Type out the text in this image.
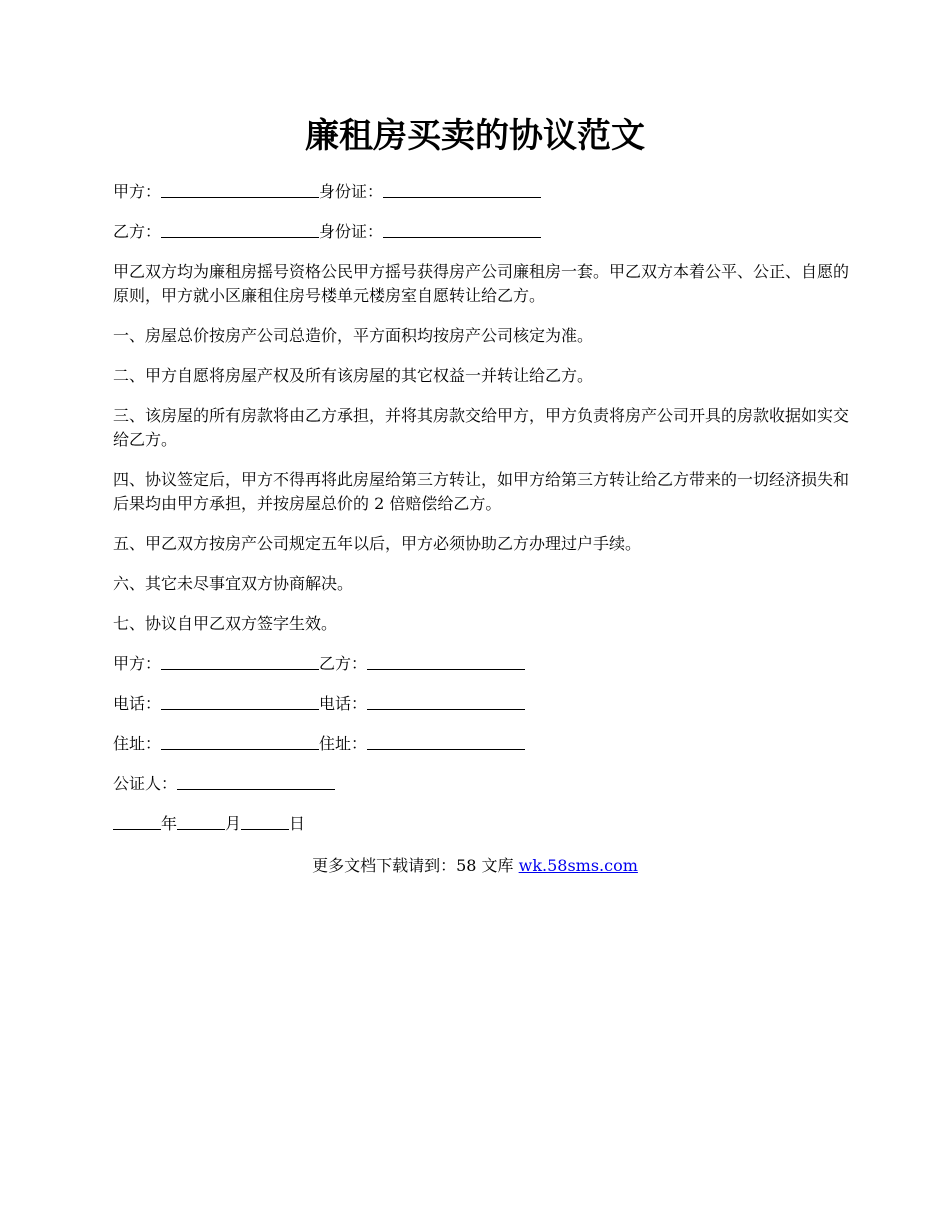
廉租房买卖的协议范文
甲方：	身份证：
乙方：	身份证：

甲乙双方均为廉租房摇号资格公民甲方摇号获得房产公司廉租房一套。甲乙双方本着公平、公正、自愿的原则，甲方就小区廉租住房号楼单元楼房室自愿转让给乙方。

一、房屋总价按房产公司总造价，平方面积均按房产公司核定为准。

二、甲方自愿将房屋产权及所有该房屋的其它权益一并转让给乙方。

三、该房屋的所有房款将由乙方承担，并将其房款交给甲方，甲方负责将房产公司开具的房款收据如实交给乙方。

四、协议签定后，甲方不得再将此房屋给第三方转让，如甲方给第三方转让给乙方带来的一切经济损失和后果均由甲方承担，并按房屋总价的 2 倍赔偿给乙方。

五、甲乙双方按房产公司规定五年以后，甲方必须协助乙方办理过户手续。

六、其它未尽事宜双方协商解决。

七、协议自甲乙双方签字生效。

甲方：	乙方：
电话：	电话：
住址：	住址：
公证人：
年	月	日
更多文档下载请到：58 文库 wk.58sms.com
